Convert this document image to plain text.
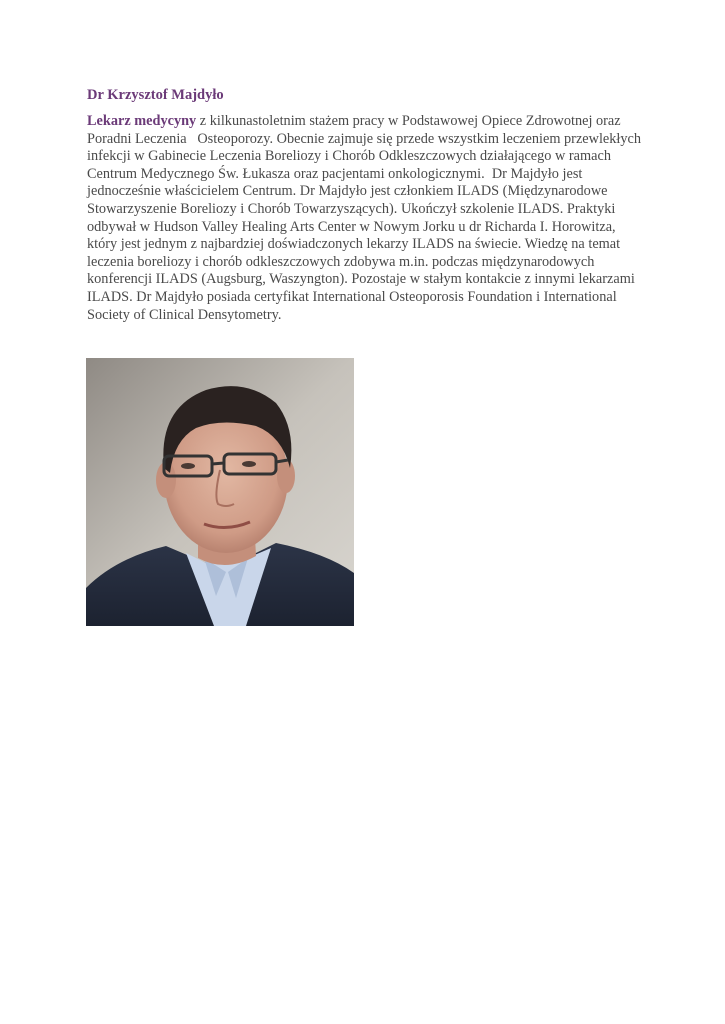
Dr Krzysztof Majdyło

Lekarz medycyny z kilkunastoletnim stażem pracy w Podstawowej Opiece Zdrowotnej oraz
Poradni Leczenia   Osteoporozy. Obecnie zajmuje się przede wszystkim leczeniem przewlekłych
infekcji w Gabinecie Leczenia Boreliozy i Chorób Odkleszczowych działającego w ramach
Centrum Medycznego Św. Łukasza oraz pacjentami onkologicznymi.  Dr Majdyło jest
jednocześnie właścicielem Centrum. Dr Majdyło jest członkiem ILADS (Międzynarodowe
Stowarzyszenie Boreliozy i Chorób Towarzyszących). Ukończył szkolenie ILADS. Praktyki
odbywał w Hudson Valley Healing Arts Center w Nowym Jorku u dr Richarda I. Horowitza,
który jest jednym z najbardziej doświadczonych lekarzy ILADS na świecie. Wiedzę na temat
leczenia boreliozy i chorób odkleszczowych zdobywa m.in. podczas międzynarodowych
konferencji ILADS (Augsburg, Waszyngton). Pozostaje w stałym kontakcie z innymi lekarzami
ILADS. Dr Majdyło posiada certyfikat International Osteoporosis Foundation i International
Society of Clinical Densytometry.
